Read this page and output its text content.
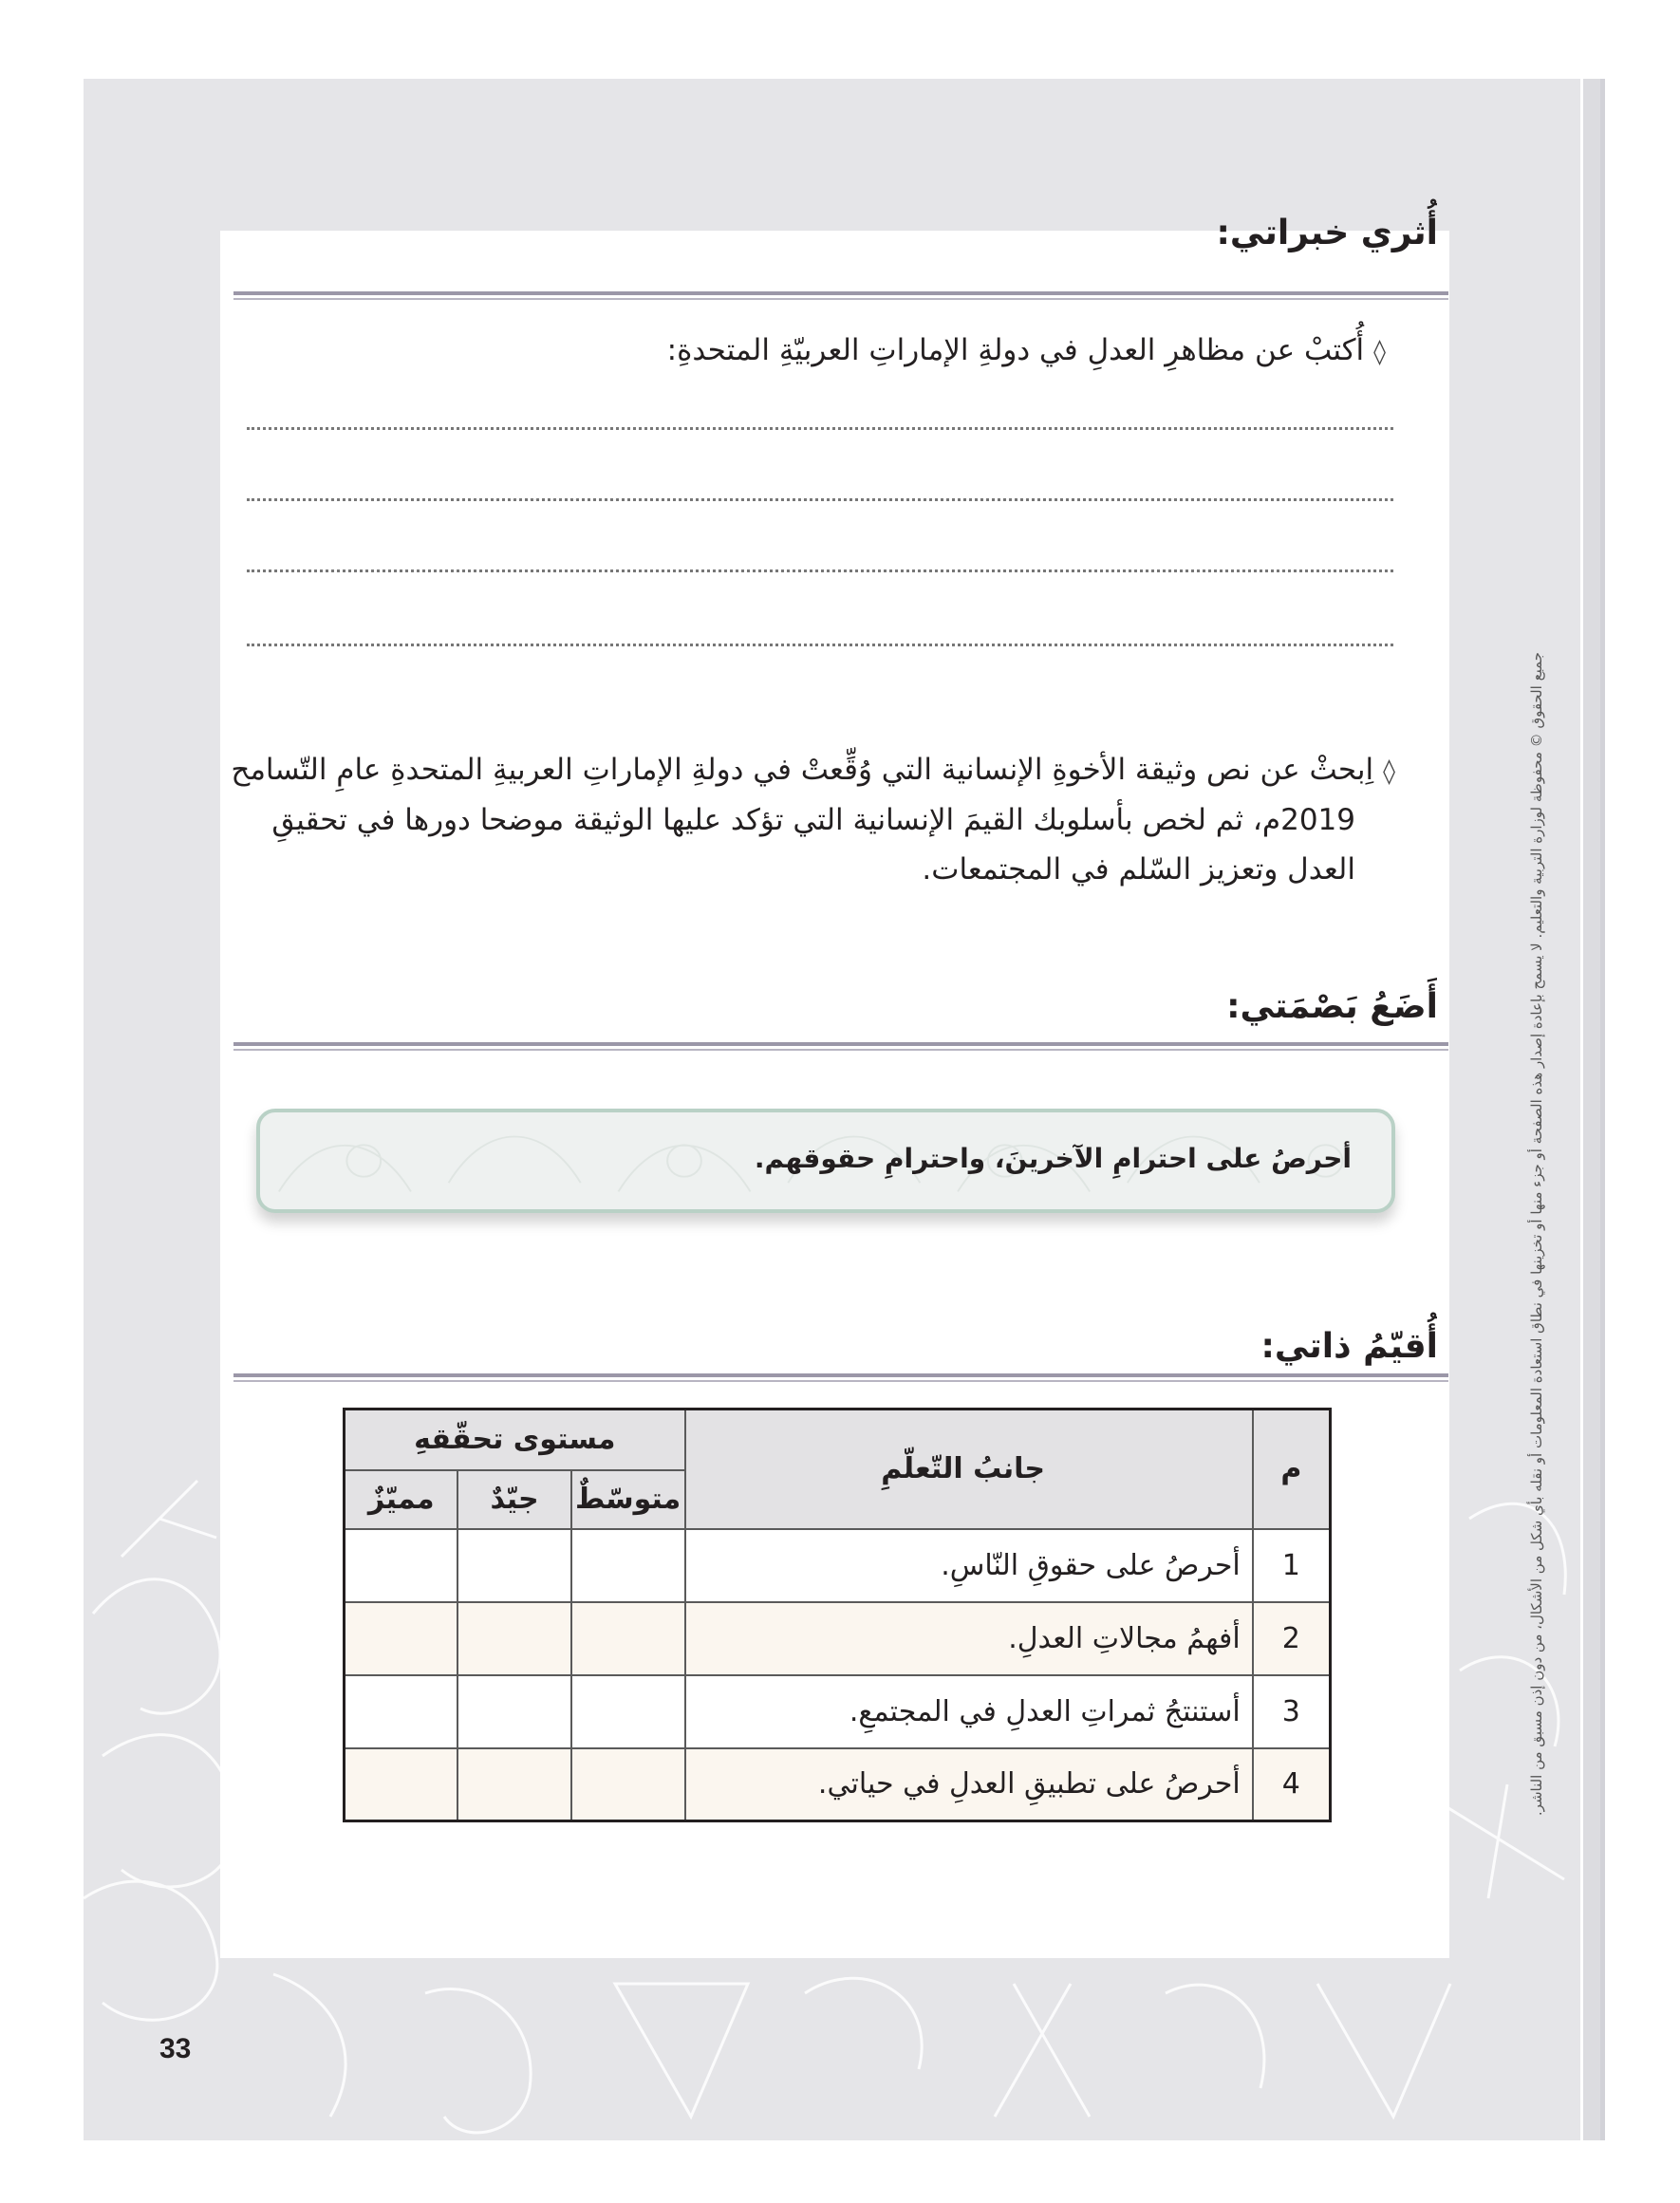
أُثري خبراتي:
◊أُكتبْ عن مظاهرِ العدلِ في دولةِ الإماراتِ العربيّةِ المتحدةِ:

◊اِبحثْ عن نص وثيقة الأخوةِ الإنسانية التي وُقِّعتْ في دولةِ الإماراتِ العربيةِ المتحدةِ عامِ التّسامح

2019م، ثم لخص بأسلوبك القيمَ الإنسانية التي تؤكد عليها الوثيقة موضحا دورها في تحقيقِ

العدل وتعزيز السّلم في المجتمعات.

أَضَعُ بَصْمَتي:
أحرصُ على احترامِ الآخرينَ، واحترامِ حقوقهم.
أُقيّمُ ذاتي:
م	جانبُ التّعلّمِ	مستوى تحقّقهِ		
		متوسّطٌ	جيّدٌ	مميّزٌ
1	أحرصُ على حقوقِ النّاسِ.			
2	أفهمُ مجالاتِ العدلِ.			
3	أستنتجُ ثمراتِ العدلِ في المجتمعِ.			
4	أحرصُ على تطبيقِ العدلِ في حياتي.			
33
جميع الحقوق © محفوظة لوزارة التربية والتعليم. لا يسمح بإعادة إصدار هذه الصفحة أو جزء منها أو تخزينها في نطاق استعادة المعلومات أو نقله بأي شكل من الأشكال، من دون إذن مسبق من الناشر.
